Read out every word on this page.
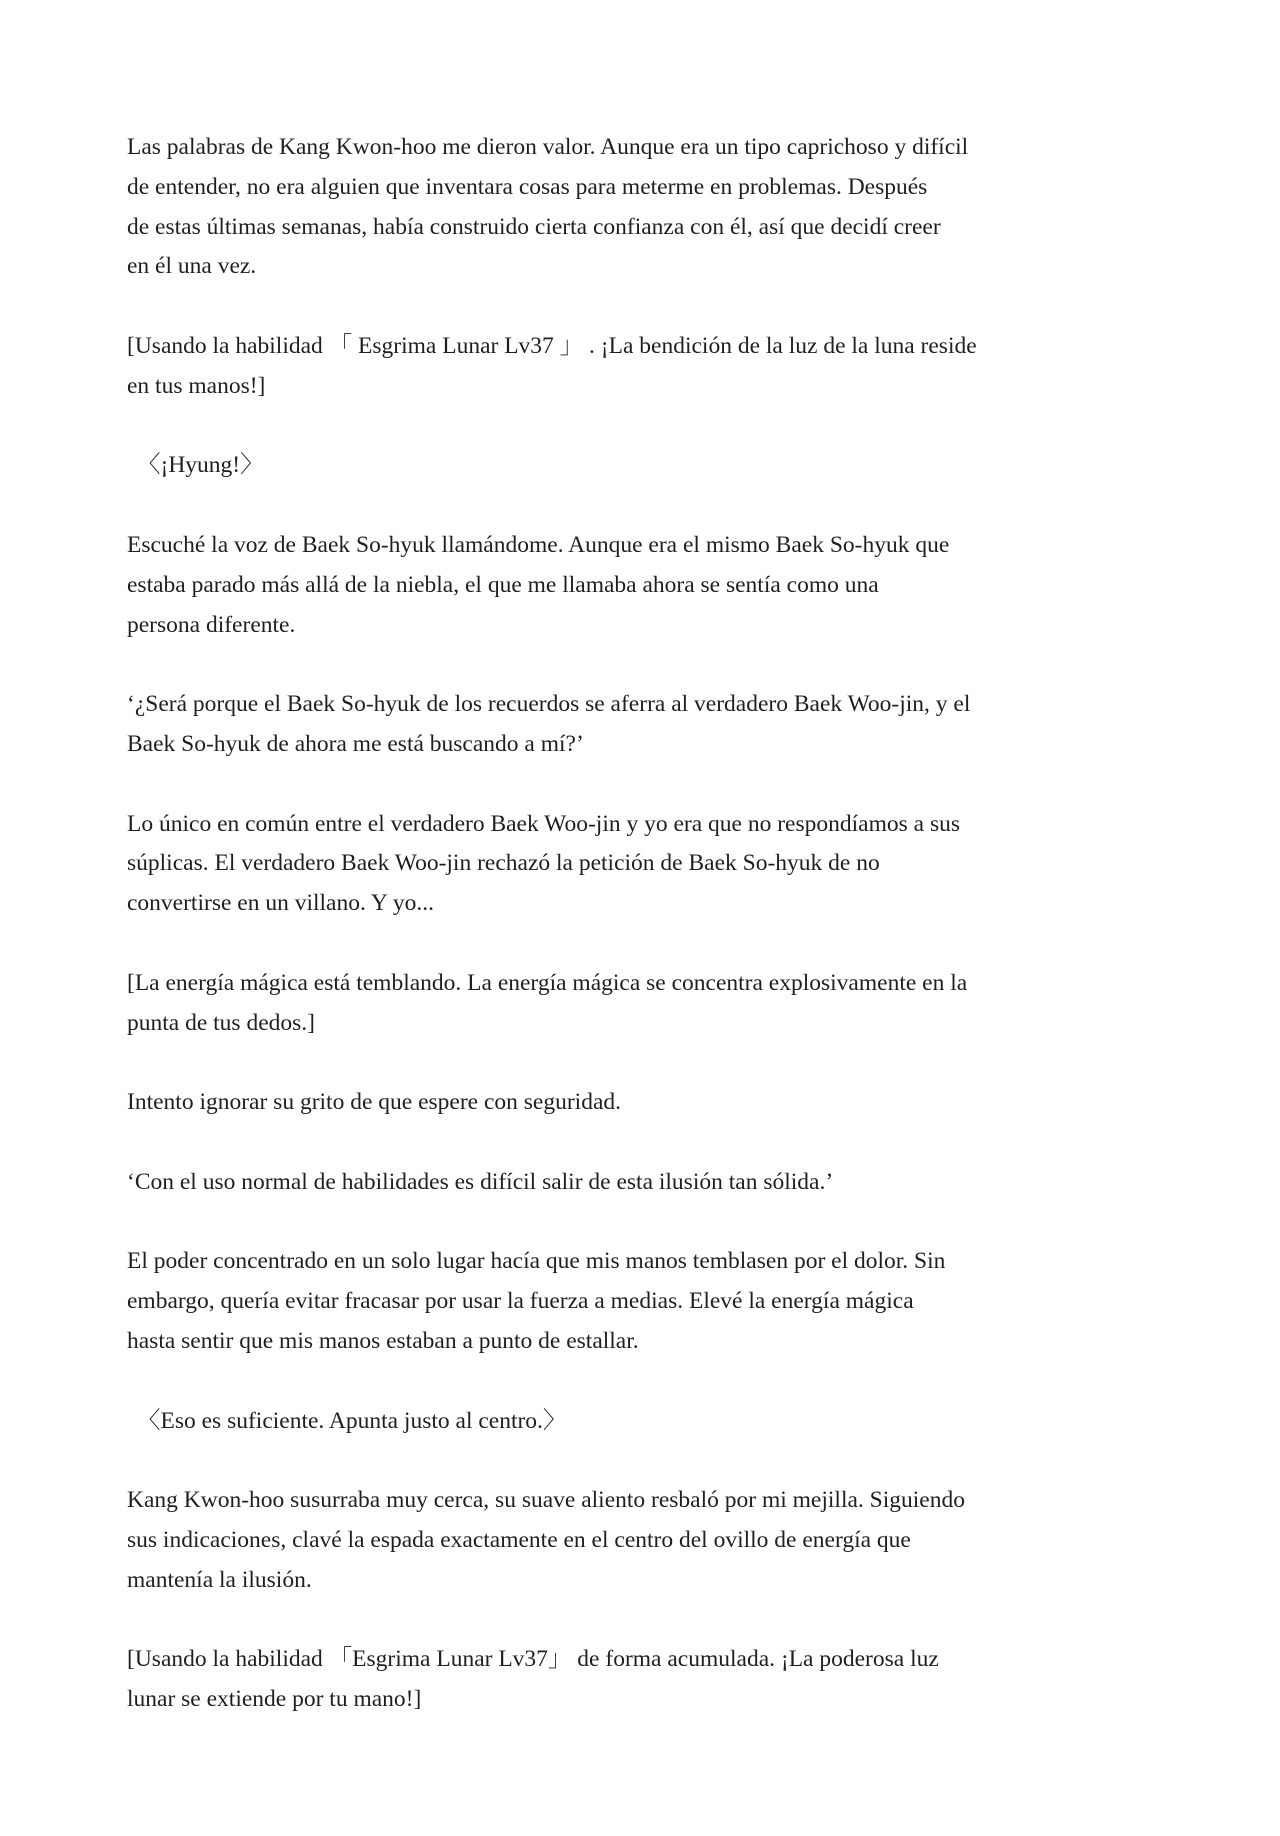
Las palabras de Kang Kwon-hoo me dieron valor. Aunque era un tipo caprichoso y difícil
de entender, no era alguien que inventara cosas para meterme en problemas. Después
de estas últimas semanas, había construido cierta confianza con él, así que decidí creer
en él una vez.

[Usando la habilidad 「 Esgrima Lunar Lv37 」 . ¡La bendición de la luz de la luna reside
en tus manos!]

〈¡Hyung!〉

Escuché la voz de Baek So-hyuk llamándome. Aunque era el mismo Baek So-hyuk que
estaba parado más allá de la niebla, el que me llamaba ahora se sentía como una
persona diferente.

‘¿Será porque el Baek So-hyuk de los recuerdos se aferra al verdadero Baek Woo-jin, y el
Baek So-hyuk de ahora me está buscando a mí?’

Lo único en común entre el verdadero Baek Woo-jin y yo era que no respondíamos a sus
súplicas. El verdadero Baek Woo-jin rechazó la petición de Baek So-hyuk de no
convertirse en un villano. Y yo...

[La energía mágica está temblando. La energía mágica se concentra explosivamente en la
punta de tus dedos.]

Intento ignorar su grito de que espere con seguridad.

‘Con el uso normal de habilidades es difícil salir de esta ilusión tan sólida.’

El poder concentrado en un solo lugar hacía que mis manos temblasen por el dolor. Sin
embargo, quería evitar fracasar por usar la fuerza a medias. Elevé la energía mágica
hasta sentir que mis manos estaban a punto de estallar.

〈Eso es suficiente. Apunta justo al centro.〉

Kang Kwon-hoo susurraba muy cerca, su suave aliento resbaló por mi mejilla. Siguiendo
sus indicaciones, clavé la espada exactamente en el centro del ovillo de energía que
mantenía la ilusión.

[Usando la habilidad 「Esgrima Lunar Lv37」 de forma acumulada. ¡La poderosa luz
lunar se extiende por tu mano!]
